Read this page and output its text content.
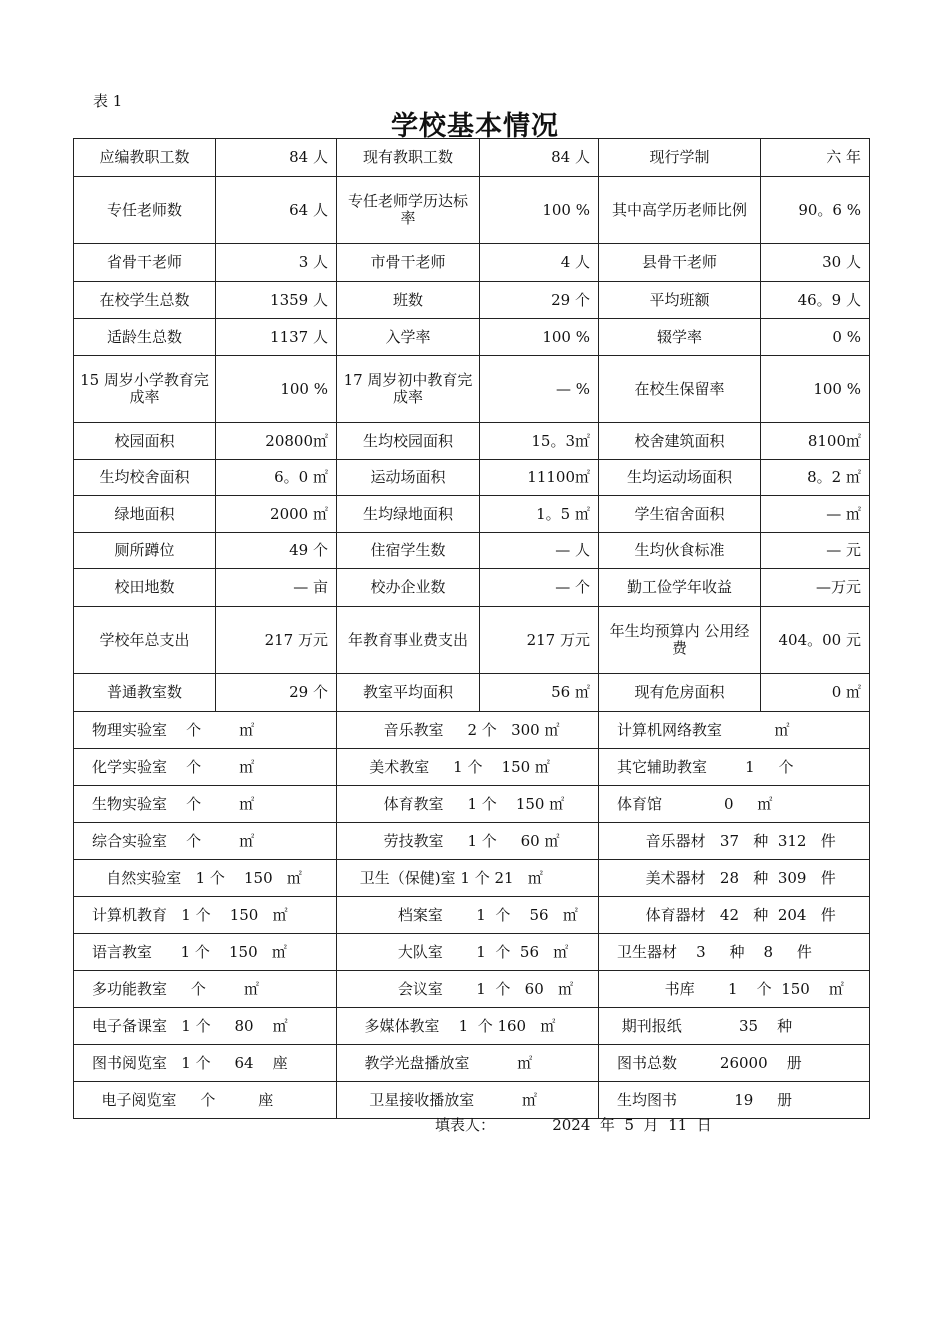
表 1
学校基本情况
应编教职工数	84 人	现有教职工数	84 人	现行学制	六 年
专任老师数	64 人	专任老师学历达标率	100 %	其中高学历老师比例	90。6 %
省骨干老师	3 人	市骨干老师	4 人	县骨干老师	30 人
在校学生总数	1359 人	班数	29 个	平均班额	46。9 人
适龄生总数	1137 人	入学率	100 %	辍学率	0 %
15 周岁小学教育完成率	100 %	17 周岁初中教育完成率	— %	在校生保留率	100 %
校园面积	20800㎡	生均校园面积	15。3㎡	校舍建筑面积	8100㎡
生均校舍面积	6。0 ㎡	运动场面积	11100㎡	生均运动场面积	8。2 ㎡
绿地面积	2000 ㎡	生均绿地面积	1。5 ㎡	学生宿舍面积	— ㎡
厕所蹲位	49 个	住宿学生数	— 人	生均伙食标准	— 元
校田地数	— 亩	校办企业数	— 个	勤工俭学年收益	—万元
学校年总支出	217 万元	年教育事业费支出	217 万元	年生均预算内 公用经费	404。00 元
普通教室数	29 个	教室平均面积	56 ㎡	现有危房面积	0 ㎡
物理实验室    个        ㎡		音乐教室     2 个   300 ㎡		计算机网络教室           ㎡	
化学实验室    个        ㎡		美术教室     1 个    150 ㎡		其它辅助教室        1     个	
生物实验室    个        ㎡		体育教室     1 个    150 ㎡		体育馆             0     ㎡	
综合实验室    个        ㎡		劳技教室     1 个     60 ㎡		音乐器材   37   种  312   件	
自然实验室   1 个    150   ㎡		卫生（保健)室 1 个 21   ㎡		美术器材   28   种  309   件	
计算机教育   1 个    150   ㎡		档案室       1  个    56   ㎡		体育器材   42   种  204   件	
语言教室      1 个    150   ㎡		大队室       1  个  56   ㎡		卫生器材    3     种    8     件	
多功能教室     个        ㎡		会议室       1  个   60   ㎡		书库       1    个  150    ㎡	
电子备课室   1 个     80    ㎡		多媒体教室    1  个 160   ㎡		期刊报纸            35    种	
图书阅览室   1 个     64    座		教学光盘播放室          ㎡		图书总数         26000    册	
电子阅览室     个         座		卫星接收播放室          ㎡		生均图书            19     册	
填表人：            2024  年  5  月  11  日
